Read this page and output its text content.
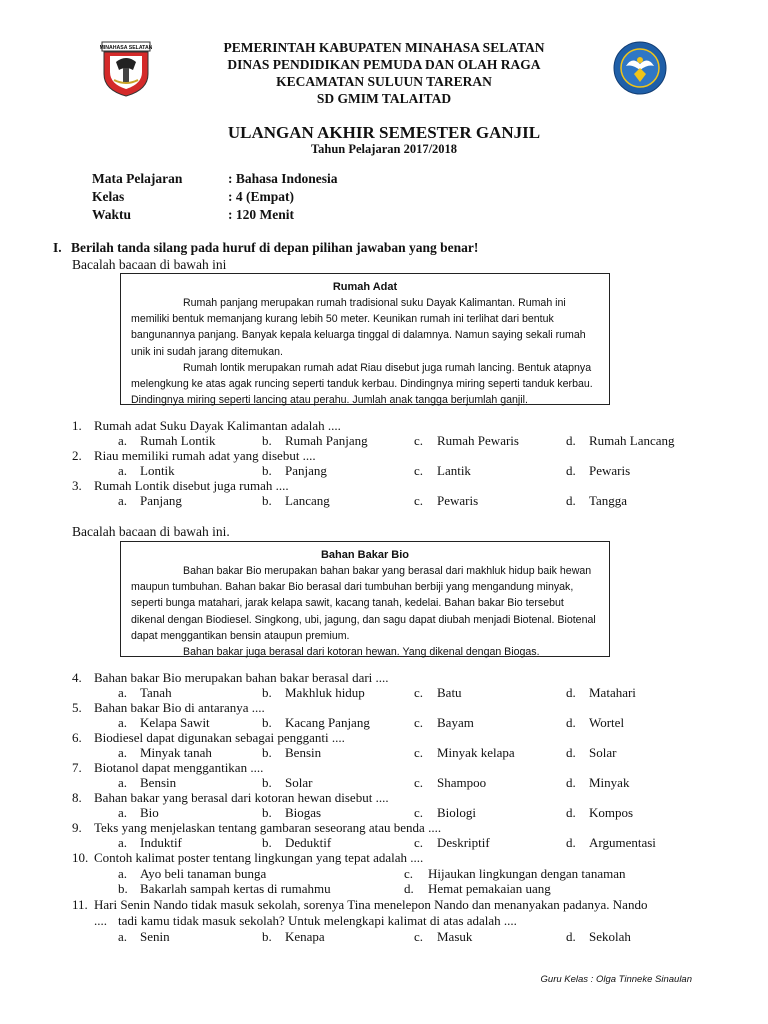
MINAHASA SELATAN	PEMERINTAH KABUPATEN MINAHASA SELATAN
DINAS PENDIDIKAN PEMUDA DAN OLAH RAGA
KECAMATAN SULUUN TARERAN
SD GMIM TALAITAD
ULANGAN AKHIR SEMESTER GANJIL
Tahun Pelajaran 2017/2018
Mata Pelajaran	: Bahasa Indonesia
Kelas	: 4 (Empat)
Waktu	: 120 Menit
I. Berilah tanda silang pada huruf di depan pilihan jawaban yang benar!
Bacalah bacaan di bawah ini
Rumah Adat

Rumah panjang merupakan rumah tradisional suku Dayak Kalimantan. Rumah ini memiliki bentuk memanjang kurang lebih 50 meter. Keunikan rumah ini terlihat dari bentuk bangunannya panjang. Banyak kepala keluarga tinggal di dalamnya. Namun saying sekali rumah unik ini sudah jarang ditemukan.

Rumah lontik merupakan rumah adat Riau disebut juga rumah lancing. Bentuk atapnya melengkung ke atas agak runcing seperti tanduk kerbau. Dindingnya miring seperti tanduk kerbau. Dindingnya miring seperti lancing atau perahu. Jumlah anak tangga berjumlah ganjil.

1. Rumah adat Suku Dayak Kalimantan adalah ....
a. Rumah Lontik	b. Rumah Panjang	c. Rumah Pewaris	d. Rumah Lancang
2. Riau memiliki rumah adat yang disebut ....
a. Lontik	b. Panjang	c. Lantik	d. Pewaris
3. Rumah Lontik disebut juga rumah ....
a. Panjang	b. Lancang	c. Pewaris	d. Tangga
Bacalah bacaan di bawah ini.
Bahan Bakar Bio

Bahan bakar Bio merupakan bahan bakar yang berasal dari makhluk hidup baik hewan maupun tumbuhan. Bahan bakar Bio berasal dari tumbuhan berbiji yang mengandung minyak, seperti bunga matahari, jarak kelapa sawit, kacang tanah, kedelai. Bahan bakar Bio tersebut dikenal dengan Biodiesel. Singkong, ubi, jagung, dan sagu dapat diubah menjadi Biotenal. Biotenal dapat menggantikan bensin ataupun premium.

Bahan bakar juga berasal dari kotoran hewan. Yang dikenal dengan Biogas.

4. Bahan bakar Bio merupakan bahan bakar berasal dari ....
a. Tanah	b. Makhluk hidup	c. Batu	d. Matahari
5. Bahan bakar Bio di antaranya ....
a. Kelapa Sawit	b. Kacang Panjang	c. Bayam	d. Wortel
6. Biodiesel dapat digunakan sebagai pengganti ....
a. Minyak tanah	b. Bensin	c. Minyak kelapa	d. Solar
7. Biotanol dapat menggantikan ....
a. Bensin	b. Solar	c. Shampoo	d. Minyak
8. Bahan bakar yang berasal dari kotoran hewan disebut ....
a. Bio	b. Biogas	c. Biologi	d. Kompos
9. Teks yang menjelaskan tentang gambaran seseorang atau benda ....
a. Induktif	b. Deduktif	c. Deskriptif	d. Argumentasi
10. Contoh kalimat poster tentang lingkungan yang tepat adalah ....
a. Ayo beli tanaman bunga	c. Hijaukan lingkungan dengan tanaman
b. Bakarlah sampah kertas di rumahmu	d. Hemat pemakaian uang
11. Hari Senin Nando tidak masuk sekolah, sorenya Tina menelepon Nando dan menanyakan padanya. Nando
.... tadi kamu tidak masuk sekolah? Untuk melengkapi kalimat di atas adalah ....
a. Senin	b. Kenapa	c. Masuk	d. Sekolah
Guru Kelas : Olga Tinneke Sinaulan
